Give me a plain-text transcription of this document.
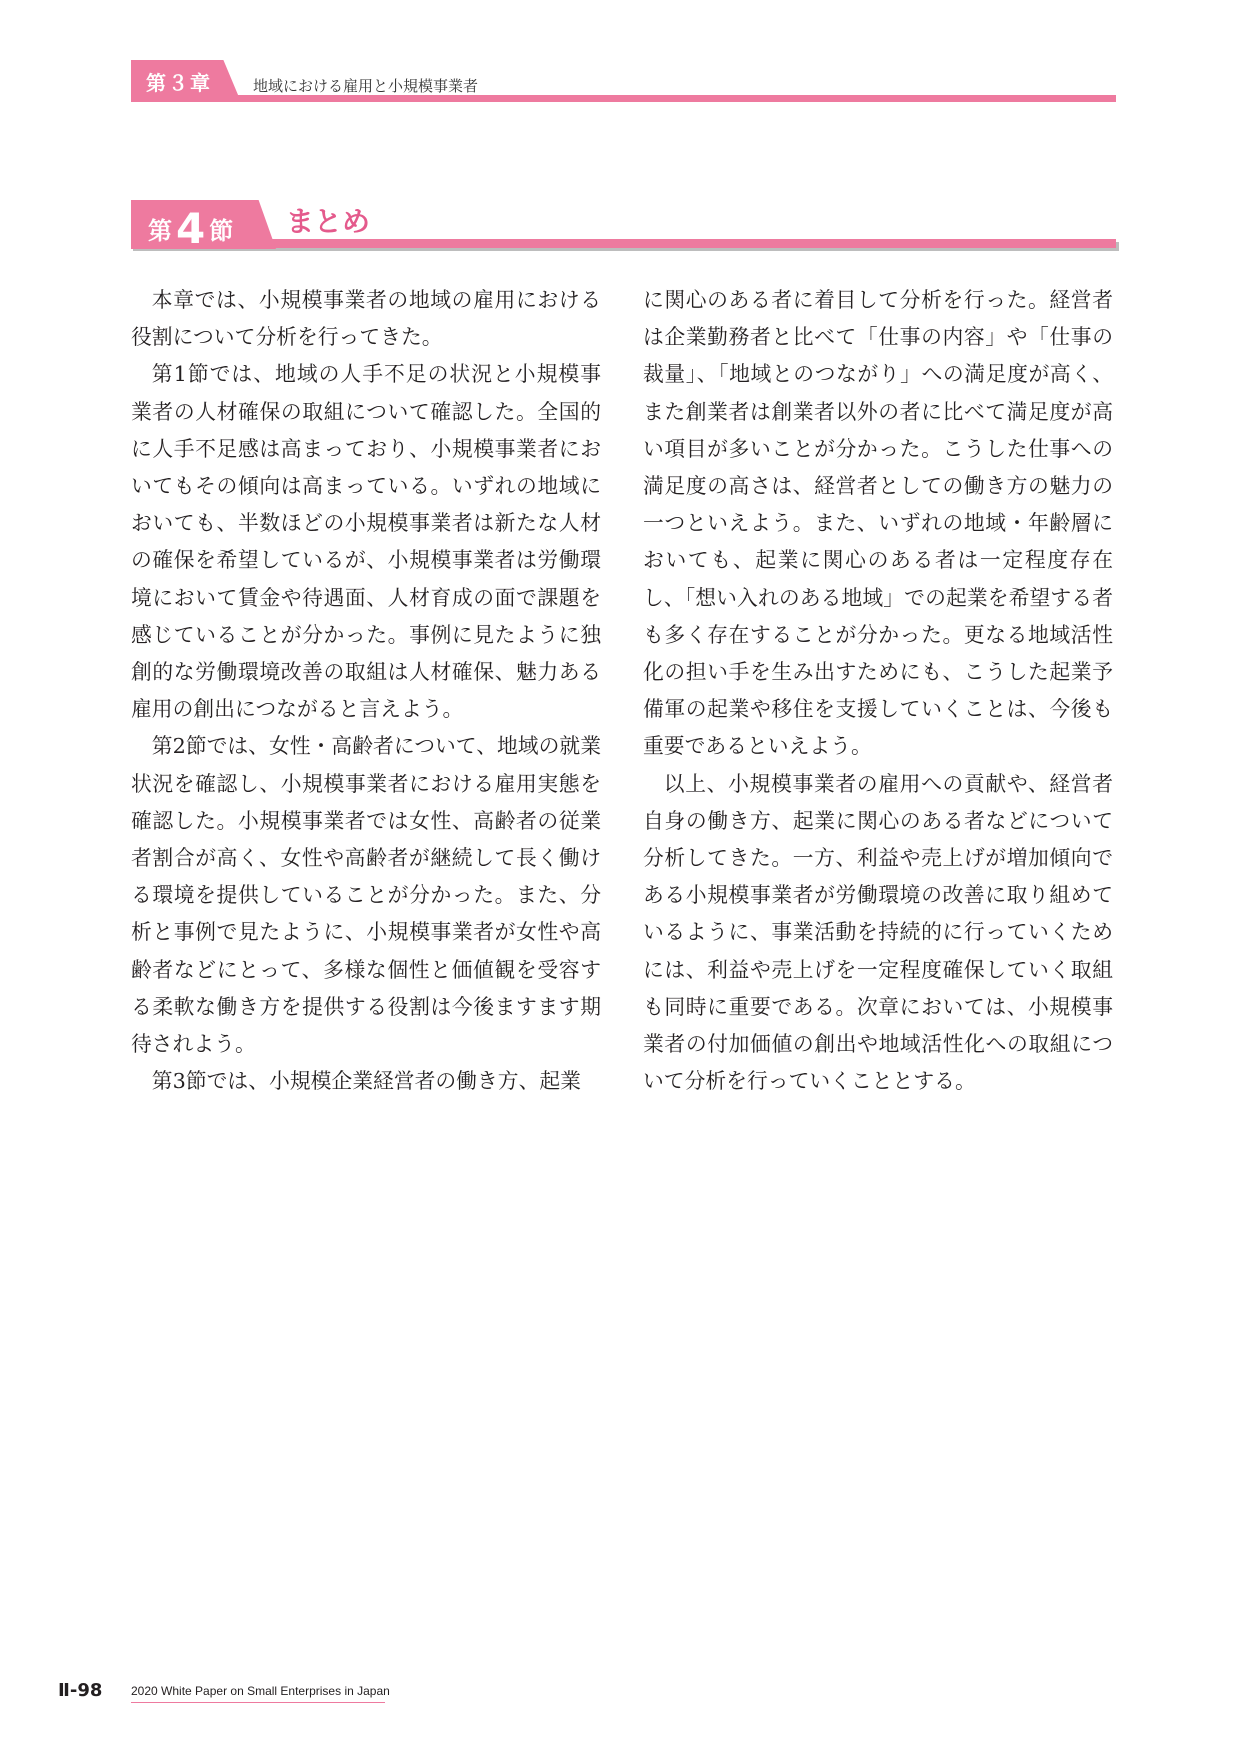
第３章	地域における雇用と小規模事業者
第4 節 まとめ

本章では、小規模事業者の地域の雇用における役割について分析を行ってきた。

第1節では、地域の人手不足の状況と小規模事業者の人材確保の取組について確認した。全国的に人手不足感は高まっており、小規模事業者においてもその傾向は高まっている。いずれの地域においても、半数ほどの小規模事業者は新たな人材の確保を希望しているが、小規模事業者は労働環境において賃金や待遇面、人材育成の面で課題を感じていることが分かった。事例に見たように独創的な労働環境改善の取組は人材確保、魅力ある雇用の創出につながると言えよう。

第2節では、女性・高齢者について、地域の就業状況を確認し、小規模事業者における雇用実態を確認した。小規模事業者では女性、高齢者の従業者割合が高く、女性や高齢者が継続して長く働ける環境を提供していることが分かった。また、分析と事例で見たように、小規模事業者が女性や高齢者などにとって、多様な個性と価値観を受容する柔軟な働き方を提供する役割は今後ますます期待されよう。

第3節では、小規模企業経営者の働き方、起業

に関心のある者に着目して分析を行った。経営者は企業勤務者と比べて「仕事の内容」や「仕事の裁量」、「地域とのつながり」への満足度が高く、また創業者は創業者以外の者に比べて満足度が高い項目が多いことが分かった。こうした仕事への満足度の高さは、経営者としての働き方の魅力の一つといえよう。また、いずれの地域・年齢層においても、起業に関心のある者は一定程度存在し、「想い入れのある地域」での起業を希望する者も多く存在することが分かった。更なる地域活性化の担い手を生み出すためにも、こうした起業予備軍の起業や移住を支援していくことは、今後も重要であるといえよう。

以上、小規模事業者の雇用への貢献や、経営者自身の働き方、起業に関心のある者などについて分析してきた。一方、利益や売上げが増加傾向である小規模事業者が労働環境の改善に取り組めているように、事業活動を持続的に行っていくためには、利益や売上げを一定程度確保していく取組も同時に重要である。次章においては、小規模事業者の付加価値の創出や地域活性化への取組について分析を行っていくこととする。

Ⅱ-98 2020 White Paper on Small Enterprises in Japan
